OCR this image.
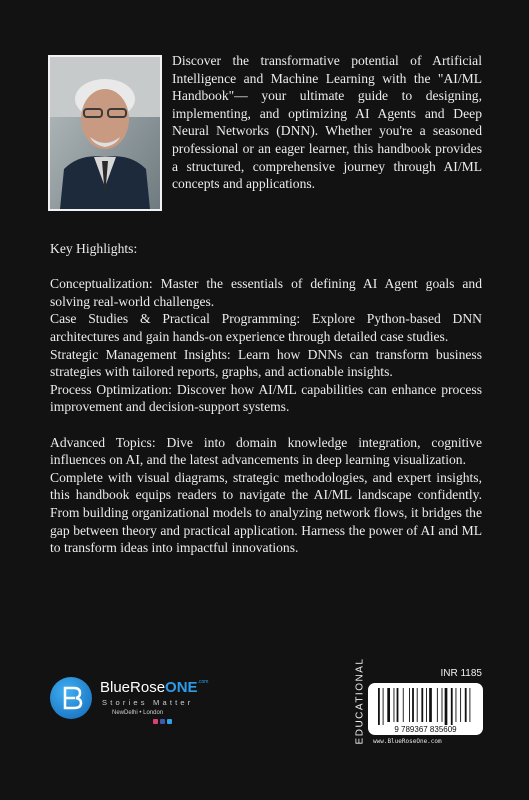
Discover the transformative potential of Artificial Intelligence and Machine Learning with the "AI/ML Handbook"— your ultimate guide to designing, implementing, and optimizing AI Agents and Deep Neural Networks (DNN). Whether you're a seasoned professional or an eager learner, this handbook provides a structured, comprehensive journey through AI/ML concepts and applications.

Key Highlights:

Conceptualization: Master the essentials of defining AI Agent goals and solving real-world challenges.

Case Studies & Practical Programming: Explore Python-based DNN architectures and gain hands-on experience through detailed case studies.

Strategic Management Insights: Learn how DNNs can transform business strategies with tailored reports, graphs, and actionable insights.

Process Optimization: Discover how AI/ML capabilities can enhance process improvement and decision-support systems.

Advanced Topics: Dive into domain knowledge integration, cognitive influences on AI, and the latest advancements in deep learning visualization.

Complete with visual diagrams, strategic methodologies, and expert insights, this handbook equips readers to navigate the AI/ML landscape confidently. From building organizational models to analyzing network flows, it bridges the gap between theory and practical application. Harness the power of AI and ML to transform ideas into impactful innovations.

BlueRoseONE$^{.com}$
Stories Matter
NewDelhi • London	EDUCATIONAL	INR 1185
9 789367 835609
www.BlueRoseOne.com
